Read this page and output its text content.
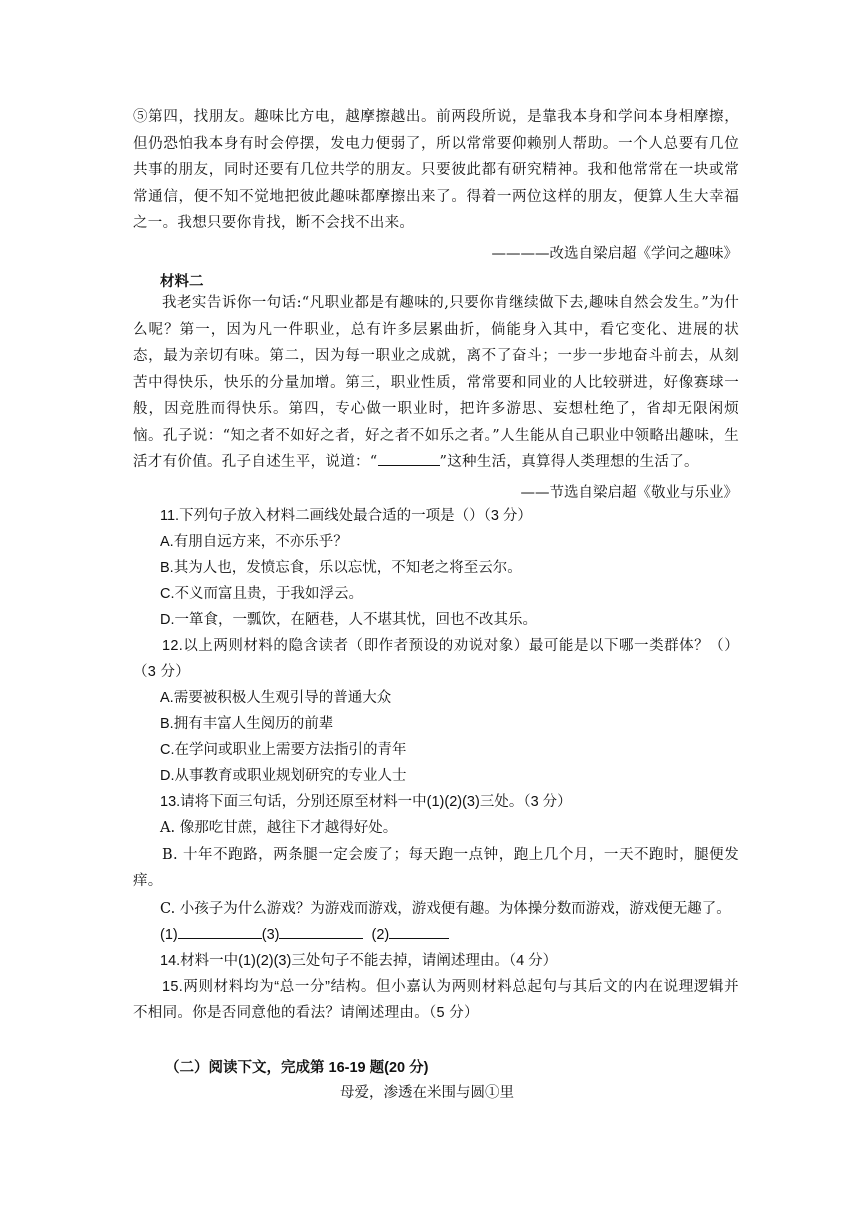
⑤第四，找朋友。趣味比方电，越摩擦越出。前两段所说，是靠我本身和学问本身相摩擦，但仍恐怕我本身有时会停摆，发电力便弱了，所以常常要仰赖别人帮助。一个人总要有几位共事的朋友，同时还要有几位共学的朋友。只要彼此都有研究精神。我和他常常在一块或常常通信，便不知不觉地把彼此趣味都摩擦出来了。得着一两位这样的朋友，便算人生大幸福之一。我想只要你肯找，断不会找不出来。
————改选自梁启超《学问之趣味》
材料二
我老实告诉你一句话:“凡职业都是有趣味的,只要你肯继续做下去,趣味自然会发生。”为什么呢？第一，因为凡一件职业，总有许多层累曲折，倘能身入其中，看它变化、进展的状态，最为亲切有味。第二，因为每一职业之成就，离不了奋斗；一步一步地奋斗前去，从刻苦中得快乐，快乐的分量加增。第三，职业性质，常常要和同业的人比较骈进，好像赛球一般，因竞胜而得快乐。第四，专心做一职业时，把许多游思、妄想杜绝了，省却无限闲烦恼。孔子说：“知之者不如好之者，好之者不如乐之者。”人生能从自己职业中领略出趣味，生活才有价值。孔子自述生平，说道：“	”这种生活，真算得人类理想的生活了。
——节选自梁启超《敬业与乐业》
11.下列句子放入材料二画线处最合适的一项是（）（3 分）
A.有朋自远方来，不亦乐乎？
B.其为人也，发愤忘食，乐以忘忧，不知老之将至云尔。
C.不义而富且贵，于我如浮云。
D.一箪食，一瓢饮，在陋巷，人不堪其忧，回也不改其乐。
12.以上两则材料的隐含读者（即作者预设的劝说对象）最可能是以下哪一类群体？（）（3 分）
A.需要被积极人生观引导的普通大众
B.拥有丰富人生阅历的前辈
C.在学问或职业上需要方法指引的青年
D.从事教育或职业规划研究的专业人士
13.请将下面三句话，分别还原至材料一中(1)(2)(3)三处。（3 分）
A. 像那吃甘蔗，越往下才越得好处。
B. 十年不跑路，两条腿一定会废了；每天跑一点钟，跑上几个月，一天不跑时，腿便发痒。
C. 小孩子为什么游戏？为游戏而游戏，游戏便有趣。为体操分数而游戏，游戏便无趣了。
(1)	(3)	(2)
14.材料一中(1)(2)(3)三处句子不能去掉，请阐述理由。（4 分）
15.两则材料均为“总一分”结构。但小嘉认为两则材料总起句与其后文的内在说理逻辑并 不相同。你是否同意他的看法？请阐述理由。（5 分）
（二）阅读下文，完成第 16-19 题(20 分)
母爱，渗透在米围与圆①里
